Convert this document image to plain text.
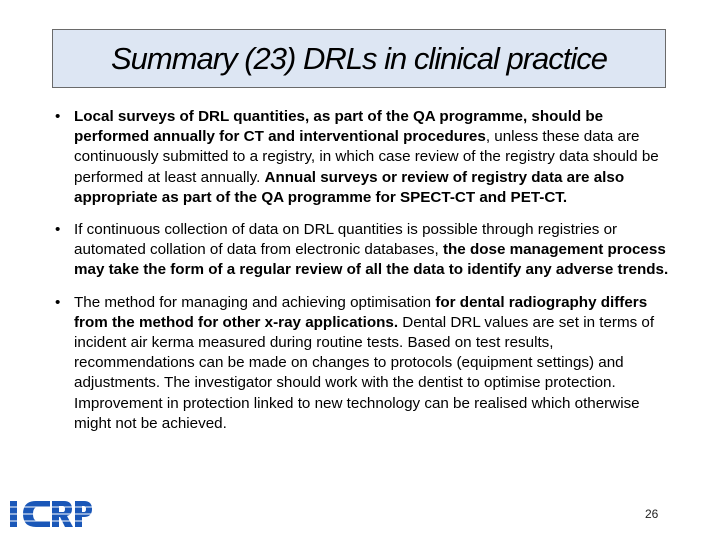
Summary (23) DRLs in clinical practice
• Local surveys of DRL quantities, as part of the QA programme, should be performed annually for CT and interventional procedures, unless these data are continuously submitted to a registry, in which case review of the registry data should be performed at least annually. Annual surveys or review of registry data are also appropriate as part of the QA programme for SPECT-CT and PET-CT.
• If continuous collection of data on DRL quantities is possible through registries or automated collation of data from electronic databases, the dose management process may take the form of a regular review of all the data to identify any adverse trends.
• The method for managing and achieving optimisation for dental radiography differs from the method for other x-ray applications. Dental DRL values are set in terms of incident air kerma measured during routine tests. Based on test results, recommendations can be made on changes to protocols (equipment settings) and adjustments. The investigator should work with the dentist to optimise protection. Improvement in protection linked to new technology can be realised which otherwise might not be achieved.
26
